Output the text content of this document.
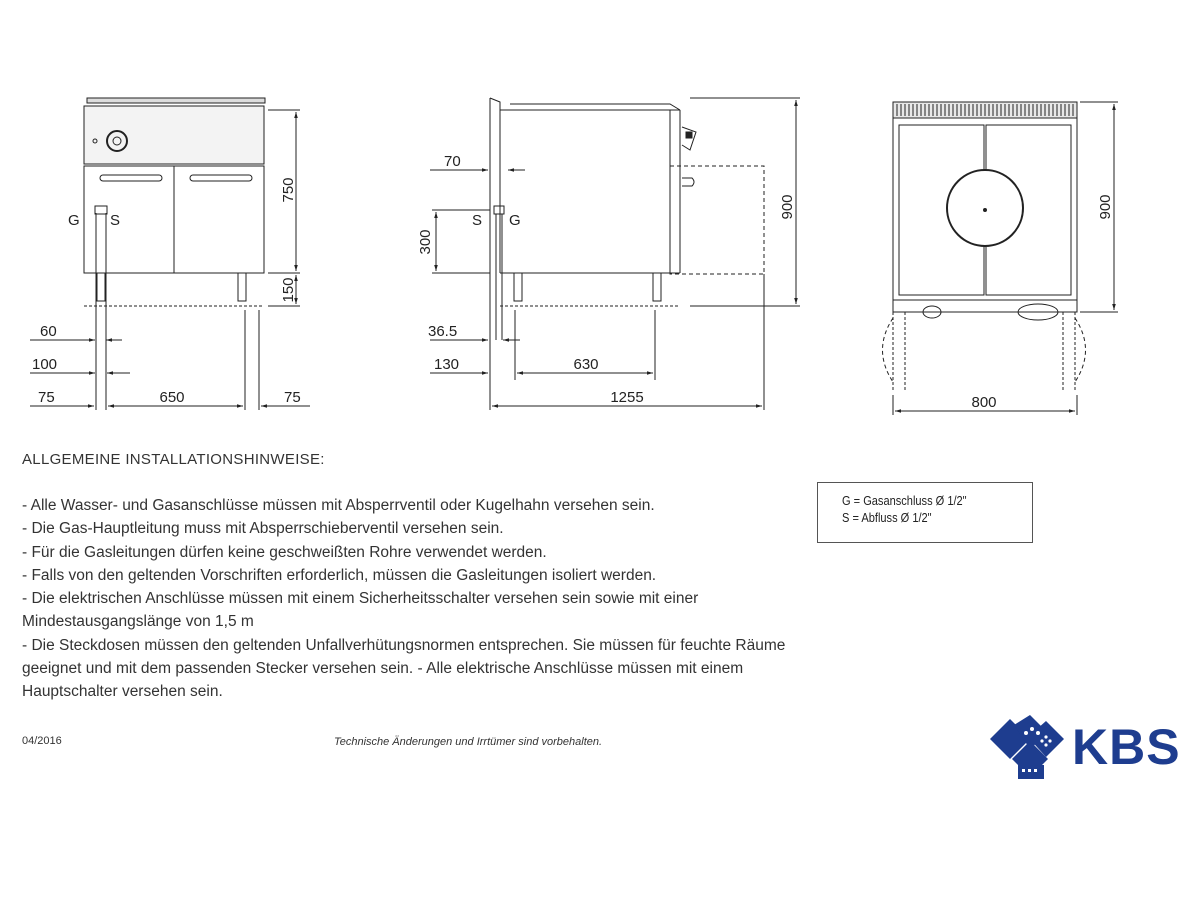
G S
750
150
60
100
75	650	75
S G
70
300
900
36.5
130	630
1255
900
800
ALLGEMEINE INSTALLATIONSHINWEISE:
- Alle Wasser- und Gasanschlüsse müssen mit Absperrventil oder Kugelhahn versehen sein.
- Die Gas-Hauptleitung muss mit Absperrschieberventil versehen sein.
- Für die Gasleitungen dürfen keine geschweißten Rohre verwendet werden.
- Falls von den geltenden Vorschriften erforderlich, müssen die Gasleitungen isoliert werden.
- Die elektrischen Anschlüsse müssen mit einem Sicherheitsschalter versehen sein sowie mit einer
Mindestausgangslänge von 1,5 m
- Die Steckdosen müssen den geltenden Unfallverhütungsnormen entsprechen. Sie müssen für feuchte Räume
geeignet und mit dem passenden Stecker versehen sein. - Alle elektrische Anschlüsse müssen mit einem
Hauptschalter versehen sein.
G = Gasanschluss Ø 1/2"
S = Abfluss Ø 1/2"
04/2016	Technische Änderungen und Irrtümer sind vorbehalten.	KBS
